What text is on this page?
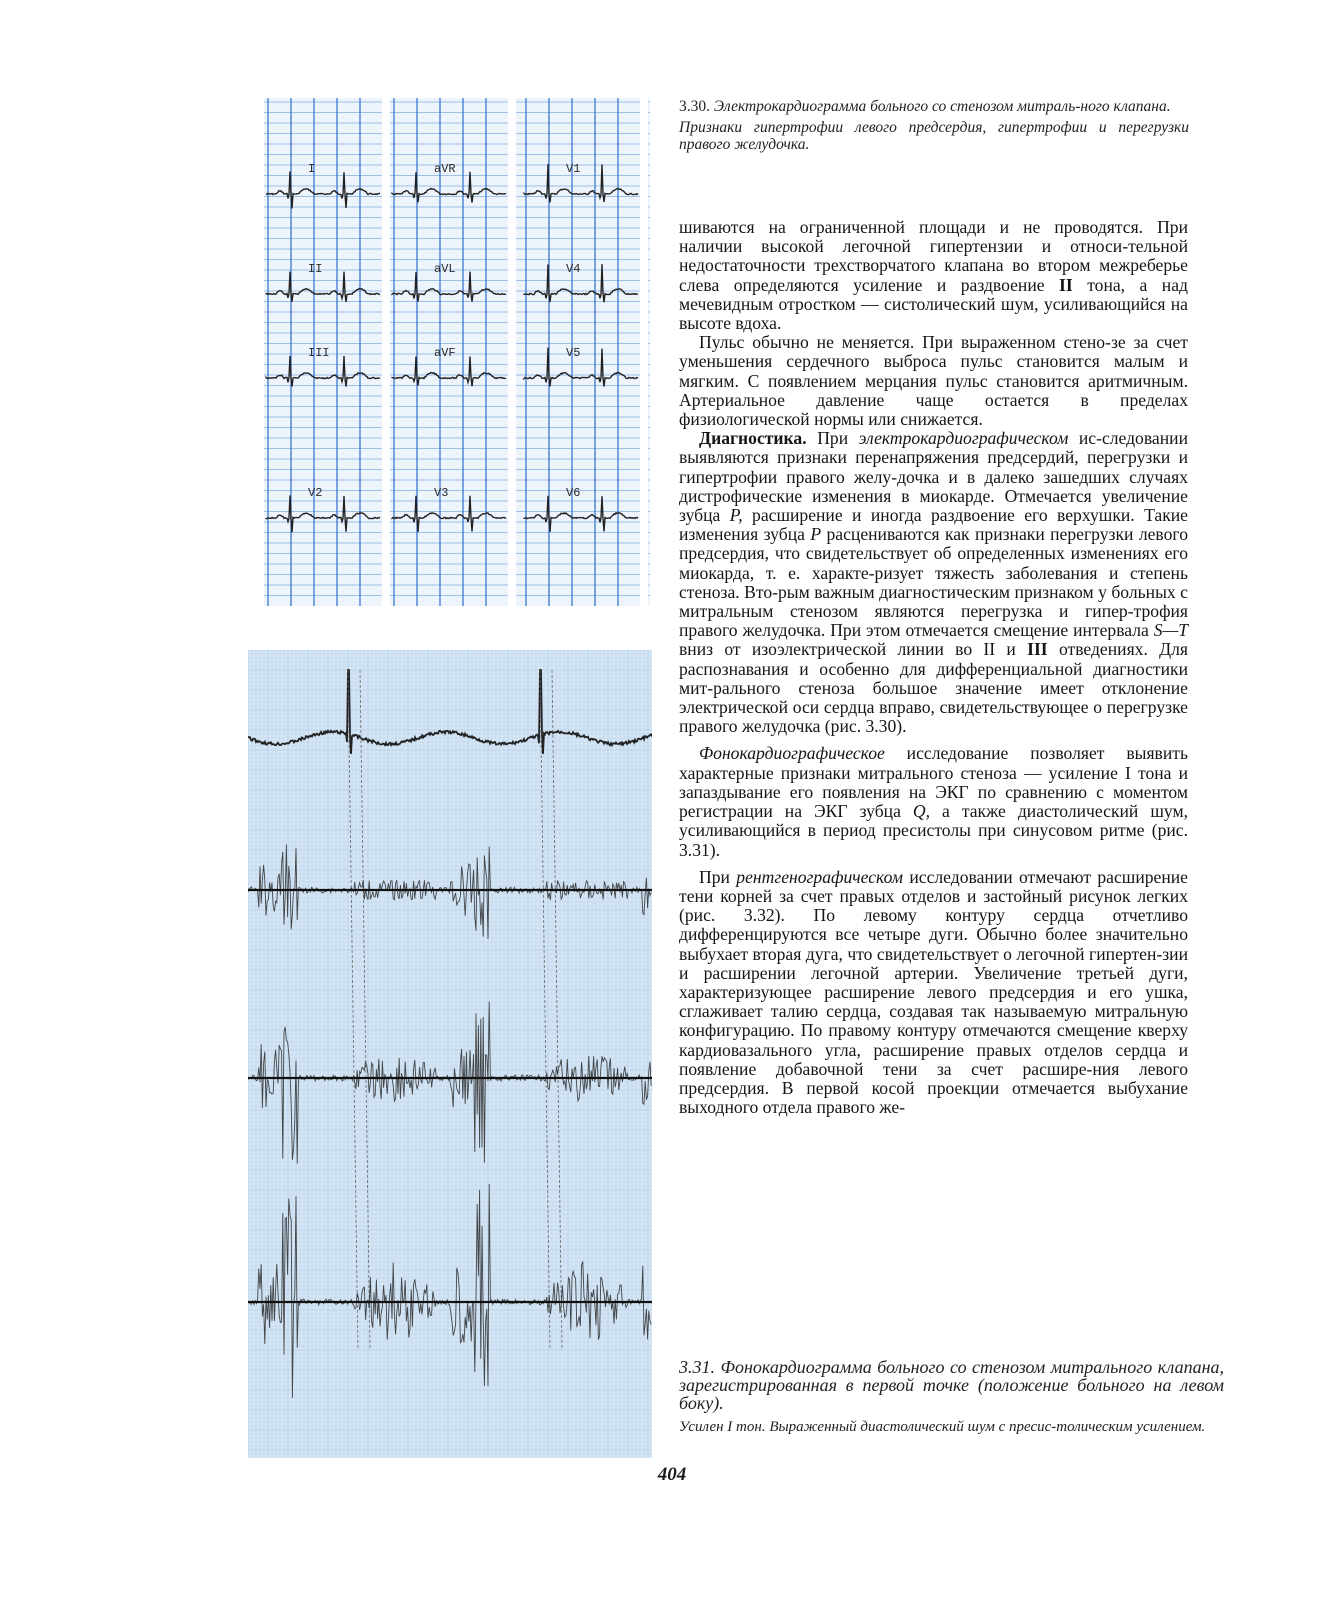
I	aVR	V1
II	aVL	V4
III	aVF	V5
V2	V3	V6

3.30. Электрокардиограмма больного со стенозом митраль-ного клапана.

Признаки гипертрофии левого предсердия, гипертрофии и перегрузки правого желудочка.

шиваются на ограниченной площади и не проводятся. При наличии высокой легочной гипертензии и относи-тельной недостаточности трехстворчатого клапана во втором межреберье слева определяются усиление и раздвоение II тона, а над мечевидным отростком — систолический шум, усиливающийся на высоте вдоха.

Пульс обычно не меняется. При выраженном стено-зе за счет уменьшения сердечного выброса пульс становится малым и мягким. С появлением мерцания пульс становится аритмичным. Артериальное давление чаще остается в пределах физиологической нормы или снижается.

Диагностика. При электрокардиографическом ис-следовании выявляются признаки перенапряжения предсердий, перегрузки и гипертрофии правого желу-дочка и в далеко зашедших случаях дистрофические изменения в миокарде. Отмечается увеличение зубца P, расширение и иногда раздвоение его верхушки. Такие изменения зубца P расцениваются как признаки перегрузки левого предсердия, что свидетельствует об определенных изменениях его миокарда, т. е. характе-ризует тяжесть заболевания и степень стеноза. Вто-рым важным диагностическим признаком у больных с митральным стенозом являются перегрузка и гипер-трофия правого желудочка. При этом отмечается смещение интервала S—T вниз от изоэлектрической линии во II и III отведениях. Для распознавания и особенно для дифференциальной диагностики мит-рального стеноза большое значение имеет отклонение электрической оси сердца вправо, свидетельствующее о перегрузке правого желудочка (рис. 3.30).

Фонокардиографическое исследование позволяет выявить характерные признаки митрального стеноза — усиление I тона и запаздывание его появления на ЭКГ по сравнению с моментом регистрации на ЭКГ зубца Q, а также диастолический шум, усиливающийся в период пресистолы при синусовом ритме (рис. 3.31).

При рентгенографическом исследовании отмечают расширение тени корней за счет правых отделов и застойный рисунок легких (рис. 3.32). По левому контуру сердца отчетливо дифференцируются все четыре дуги. Обычно более значительно выбухает вторая дуга, что свидетельствует о легочной гипертен-зии и расширении легочной артерии. Увеличение третьей дуги, характеризующее расширение левого предсердия и его ушка, сглаживает талию сердца, создавая так называемую митральную конфигурацию. По правому контуру отмечаются смещение кверху кардиовазального угла, расширение правых отделов сердца и появление добавочной тени за счет расшире-ния левого предсердия. В первой косой проекции отмечается выбухание выходного отдела правого же-

3.31. Фонокардиограмма больного со стенозом митрального клапана, зарегистрированная в первой точке (положение больного на левом боку).

Усилен I тон. Выраженный диастолический шум с пресис-толическим усилением.

404
